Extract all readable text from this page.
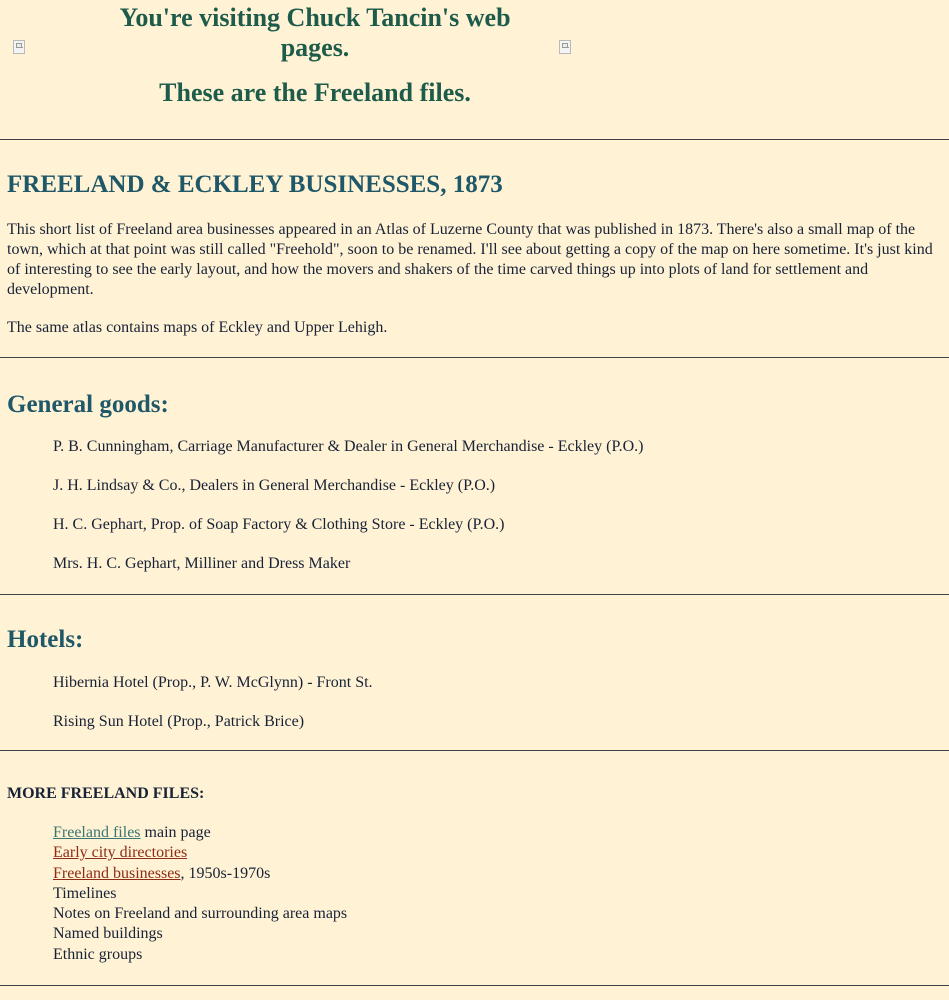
You're visiting Chuck Tancin's web
pages.
These are the Freeland files.
FREELAND & ECKLEY BUSINESSES, 1873

This short list of Freeland area businesses appeared in an Atlas of Luzerne County that was published in 1873. There's also a small map of the town, which at that point was still called "Freehold", soon to be renamed. I'll see about getting a copy of the map on here sometime. It's just kind of interesting to see the early layout, and how the movers and shakers of the time carved things up into plots of land for settlement and development.

The same atlas contains maps of Eckley and Upper Lehigh.

General goods:
P. B. Cunningham, Carriage Manufacturer & Dealer in General Merchandise - Eckley (P.O.)
J. H. Lindsay & Co., Dealers in General Merchandise - Eckley (P.O.)
H. C. Gephart, Prop. of Soap Factory & Clothing Store - Eckley (P.O.)
Mrs. H. C. Gephart, Milliner and Dress Maker
Hotels:
Hibernia Hotel (Prop., P. W. McGlynn) - Front St.
Rising Sun Hotel (Prop., Patrick Brice)
MORE FREELAND FILES:
Freeland files main page
Early city directories
Freeland businesses, 1950s-1970s
Timelines
Notes on Freeland and surrounding area maps
Named buildings
Ethnic groups
